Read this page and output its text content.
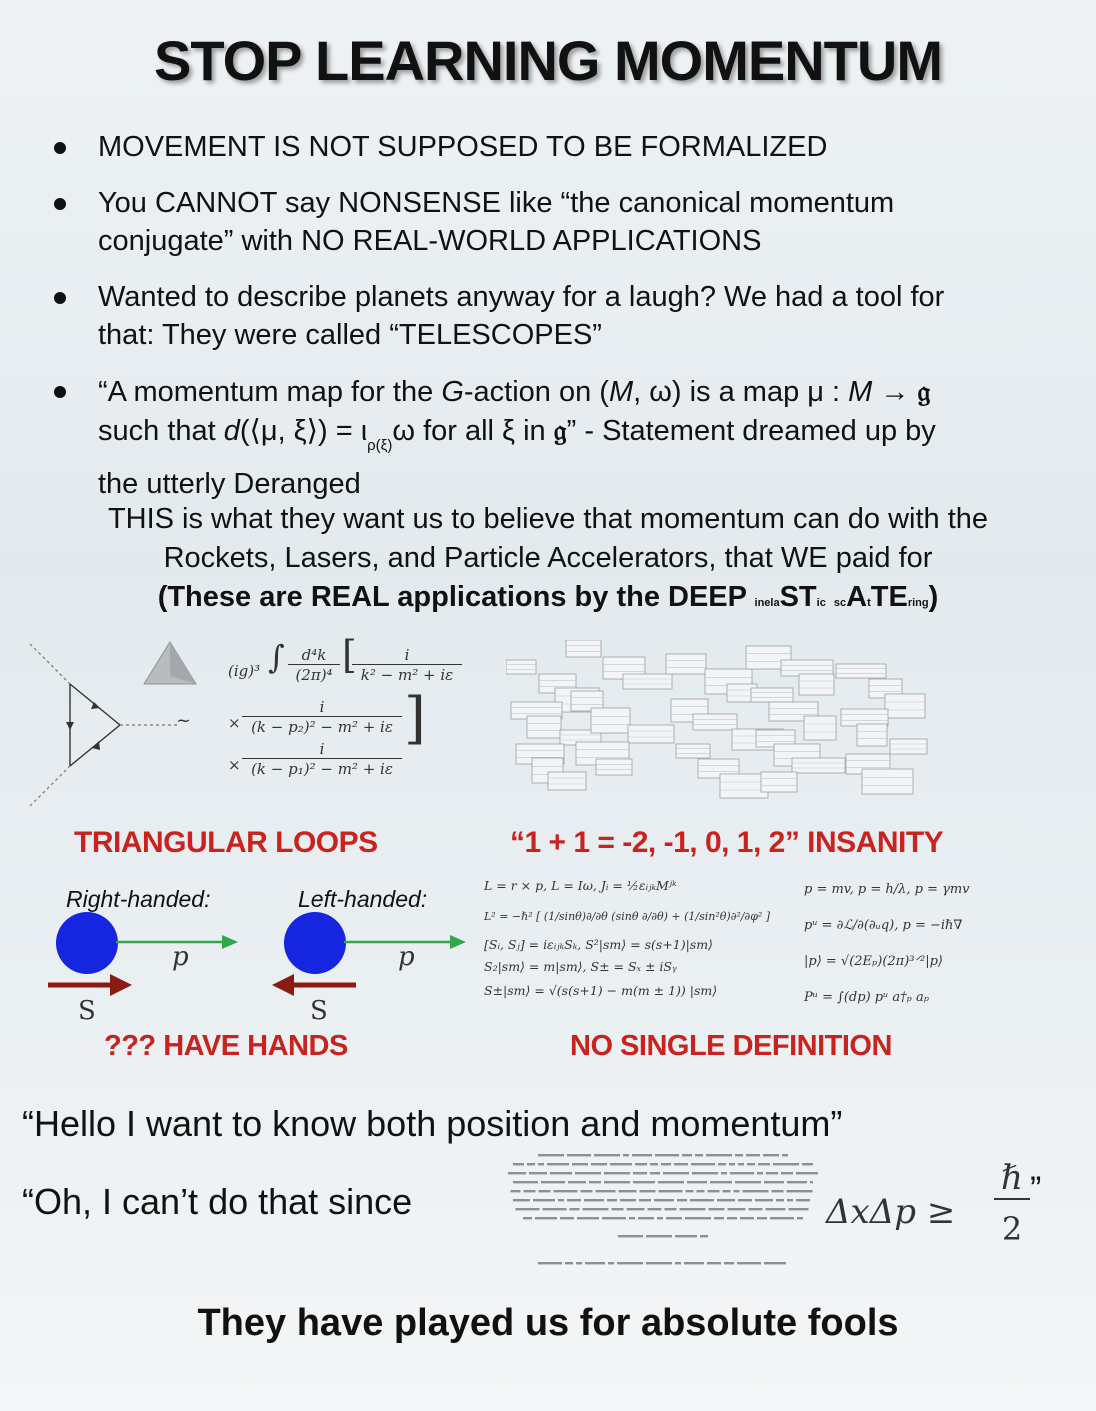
STOP LEARNING MOMENTUM
MOVEMENT IS NOT SUPPOSED TO BE FORMALIZED
You CANNOT say NONSENSE like “the canonical momentum
conjugate” with NO REAL-WORLD APPLICATIONS
Wanted to describe planets anyway for a laugh? We had a tool for
that: They were called “TELESCOPES”
“A momentum map for the G-action on (M, ω) is a map μ : M → 𝔤
such that d(⟨μ, ξ⟩) = $\iota_{\rho(\xi)}\omega$ for all ξ in 𝔤” - Statement dreamed up by
the utterly Deranged
THIS is what they want us to believe that momentum can do with the
Rockets, Lasers, and Particle Accelerators, that WE paid for
(These are REAL applications by the DEEP inelaSTic scAtTEring)
~
(ig)³ ∫	d⁴k
(2π)⁴ [	i
k² − m² + iε
×
i
(k − p₂)² − m² + iε
×
i
(k − p₁)² − m² + iε
]
TRIANGULAR LOOPS	“1 + 1 = -2, -1, 0, 1, 2” INSANITY
Right-handed:	Left-handed:
p
S
p
S
??? HAVE HANDS
L = r × p, L = Iω, Jᵢ = ½εᵢⱼₖMʲᵏ
L² = −ℏ² [ (1/sinθ)∂/∂θ (sinθ ∂/∂θ) + (1/sin²θ)∂²/∂φ² ]
[Sᵢ, Sⱼ] = iεᵢⱼₖSₖ, S²|sm⟩ = s(s+1)|sm⟩
S₂|sm⟩ = m|sm⟩, S± = Sₓ ± iSᵧ
S±|sm⟩ = √(s(s+1) − m(m ± 1)) |sm⟩
p = mv, p = h/λ, p = γmv
pᵘ = ∂ℒ/∂(∂ᵤq), p = −iℏ∇
|p⟩ = √(2Eₚ)(2π)³ᐟ²|p⟩
Pᵘ = ∫(dp) pᵘ a†ₚ aₚ
NO SINGLE DEFINITION
“Hello I want to know both position and momentum”
“Oh, I can’t do that since	ΔxΔp ≥
ℏ
2
”
They have played us for absolute fools
